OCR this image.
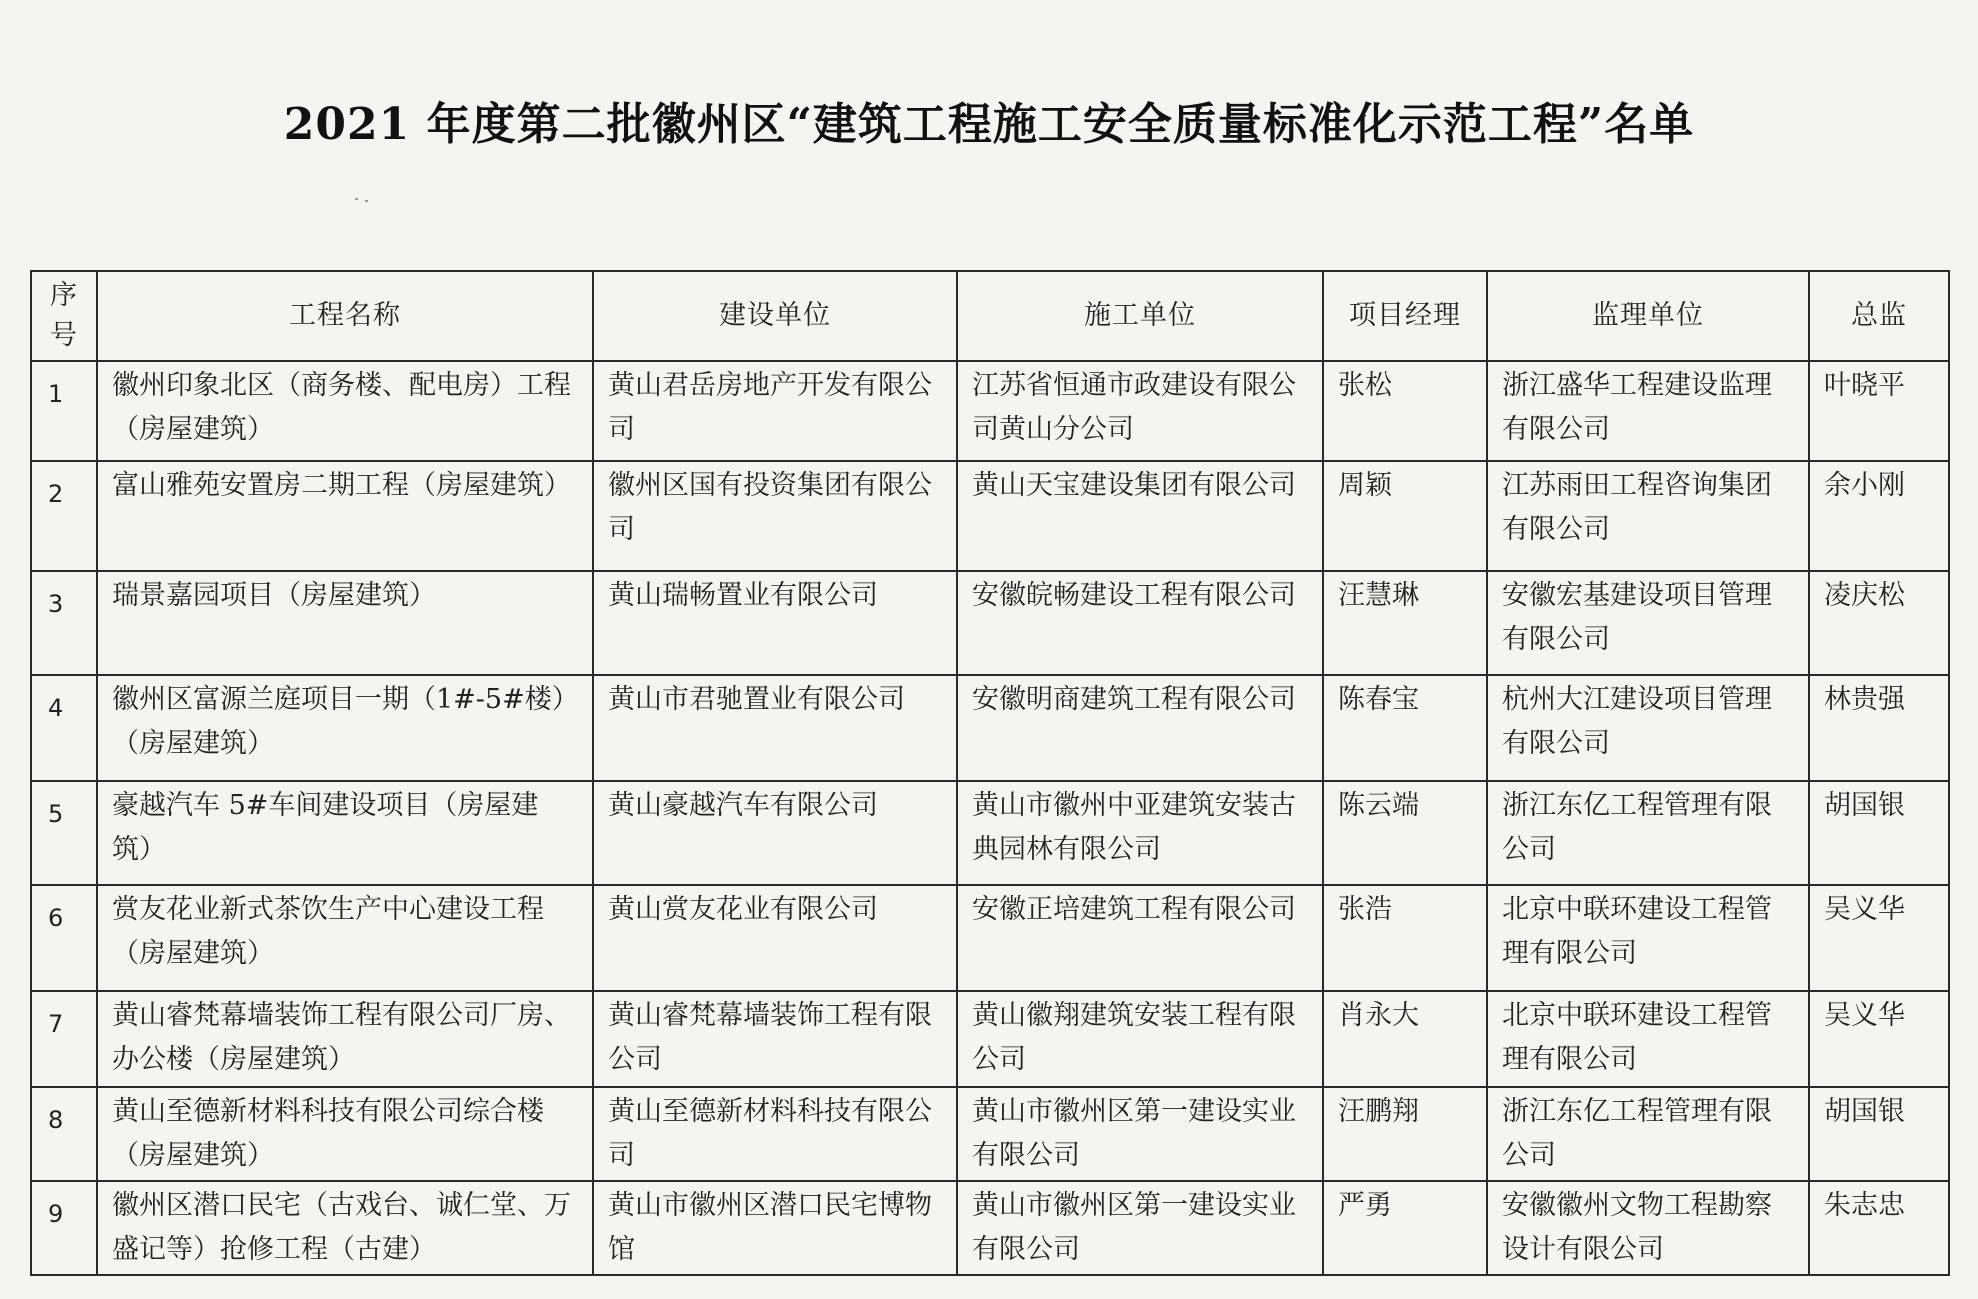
2021 年度第二批徽州区“建筑工程施工安全质量标准化示范工程”名单
序
号	工程名称	建设单位	施工单位	项目经理	监理单位	总监
1	徽州印象北区（商务楼、配电房）工程（房屋建筑）	黄山君岳房地产开发有限公司	江苏省恒通市政建设有限公司黄山分公司	张松	浙江盛华工程建设监理有限公司	叶晓平
2	富山雅苑安置房二期工程（房屋建筑）	徽州区国有投资集团有限公司	黄山天宝建设集团有限公司	周颖	江苏雨田工程咨询集团有限公司	余小刚
3	瑞景嘉园项目（房屋建筑）	黄山瑞畅置业有限公司	安徽皖畅建设工程有限公司	汪慧琳	安徽宏基建设项目管理有限公司	凌庆松
4	徽州区富源兰庭项目一期（1#-5#楼）（房屋建筑）	黄山市君驰置业有限公司	安徽明商建筑工程有限公司	陈春宝	杭州大江建设项目管理有限公司	林贵强
5	豪越汽车 5#车间建设项目（房屋建筑）	黄山豪越汽车有限公司	黄山市徽州中亚建筑安装古典园林有限公司	陈云端	浙江东亿工程管理有限公司	胡国银
6	赏友花业新式茶饮生产中心建设工程（房屋建筑）	黄山赏友花业有限公司	安徽正培建筑工程有限公司	张浩	北京中联环建设工程管理有限公司	吴义华
7	黄山睿梵幕墙装饰工程有限公司厂房、办公楼（房屋建筑）	黄山睿梵幕墙装饰工程有限公司	黄山徽翔建筑安装工程有限公司	肖永大	北京中联环建设工程管理有限公司	吴义华
8	黄山至德新材料科技有限公司综合楼（房屋建筑）	黄山至德新材料科技有限公司	黄山市徽州区第一建设实业有限公司	汪鹏翔	浙江东亿工程管理有限公司	胡国银
9	徽州区潜口民宅（古戏台、诚仁堂、万盛记等）抢修工程（古建）	黄山市徽州区潜口民宅博物馆	黄山市徽州区第一建设实业有限公司	严勇	安徽徽州文物工程勘察设计有限公司	朱志忠
